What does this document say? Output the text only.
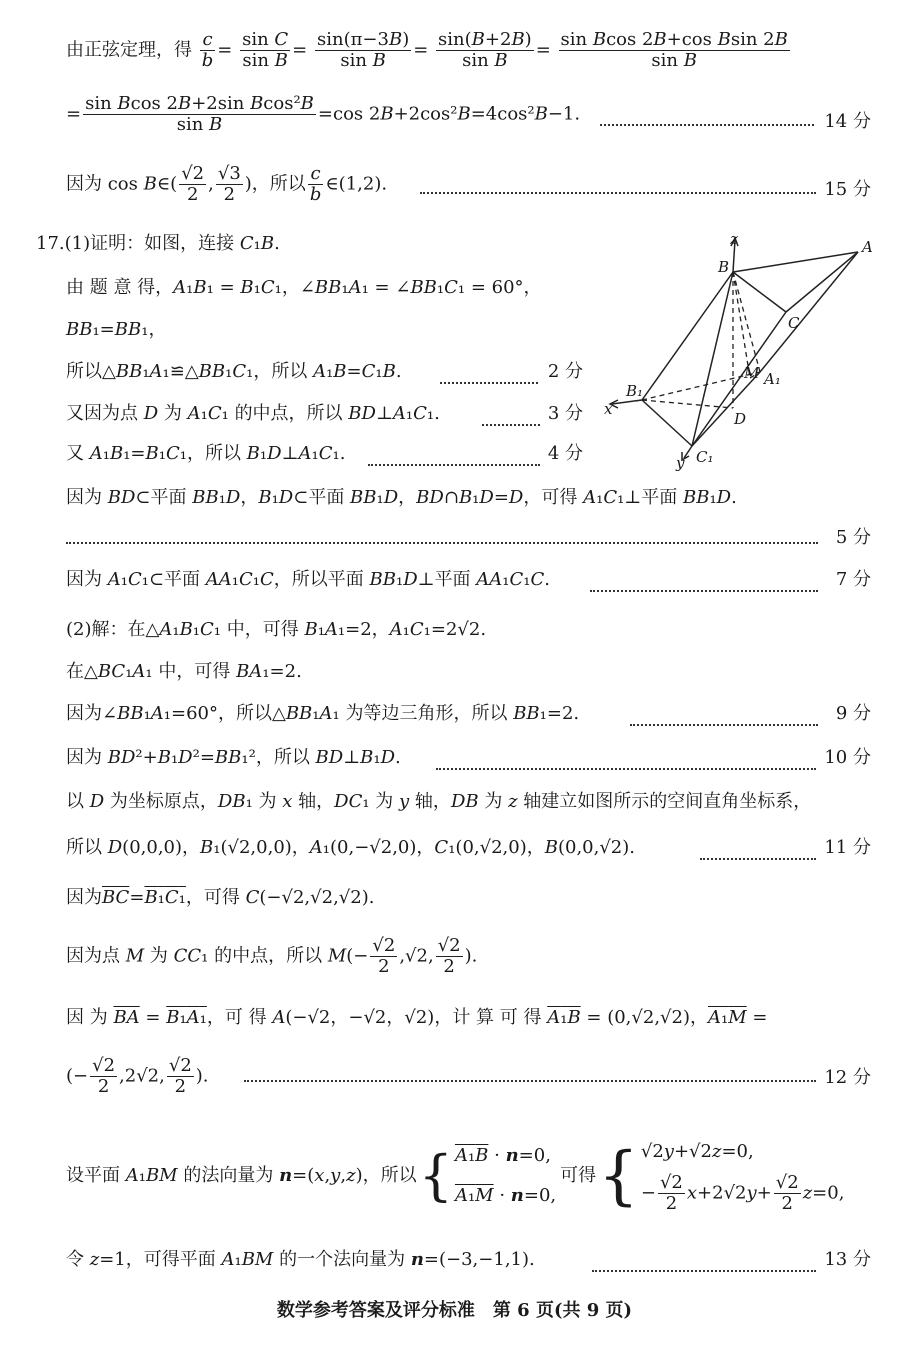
由正弦定理，得 $\frac{c}{b} = \frac{\text{sin C}}{\text{sin B}} = \frac{\sin(\pi-3B)}{\text{sin B}} = \frac{\sin(B+2B)}{\text{sin B}} = \frac{\text{sin Bcos 2B+cos Bsin 2B}}{\text{sin B}}$
= $\frac{\text{sin Bcos 2B+2sin Bcos²B}}{\text{sin B}} =\cos$ 2B+2cos²B=4cos²B−1.	14 分
因为 cos B∈( $\frac{√2}{2}$ , $\frac{√3}{2}$ )，所以 $\frac{c}{b}$ ∈(1,2).	15 分
17.(1)证明：如图，连接 C₁B.
由 题 意 得，A₁B₁ = B₁C₁，∠BB₁A₁ = ∠BB₁C₁ = 60°，
BB₁=BB₁，
所以△BB₁A₁≌△BB₁C₁，所以 A₁B=C₁B.	2 分
又因为点 D 为 A₁C₁ 的中点，所以 BD⊥A₁C₁.	3 分
又 A₁B₁=B₁C₁，所以 B₁D⊥A₁C₁.	4 分
z	A
B
C
M A₁
B₁
C₁
D
x
y
因为 BD⊂平面 BB₁D，B₁D⊂平面 BB₁D，BD∩B₁D=D，可得 A₁C₁⊥平面 BB₁D.
5 分
因为 A₁C₁⊂平面 AA₁C₁C，所以平面 BB₁D⊥平面 AA₁C₁C.	7 分
(2)解：在△A₁B₁C₁ 中，可得 B₁A₁=2，A₁C₁=2√2.
在△BC₁A₁ 中，可得 BA₁=2.
因为∠BB₁A₁=60°，所以△BB₁A₁ 为等边三角形，所以 BB₁=2.	9 分
因为 BD²+B₁D²=BB₁²，所以 BD⊥B₁D.	10 分
以 D 为坐标原点，DB₁ 为 x 轴，DC₁ 为 y 轴，DB 为 z 轴建立如图所示的空间直角坐标系，
所以 D(0,0,0)，B₁(√2,0,0)，A₁(0,−√2,0)，C₁(0,√2,0)，B(0,0,√2).	11 分
因为$\overline{BC}=B_1C_1$，可得 C(−√2,√2,√2).
因为点 M 为 CC₁ 的中点，所以 $M(- \frac{√2}{2} ,√2$, $\frac{√2}{2}$ ).
因 为 $\overline{BA} = B_1A_1$，可 得 A(−√2，−√2，√2)，计 算 可 得 A₁B = (0,√2,√2)，A₁M =
(− $\frac{√2}{2} ,2√2$, $\frac{√2}{2}$ ).	12 分
设平面 A₁BM 的法向量为 n=(x,y,z)，所以 { A₁B · n=0,
A₁M · n=0,
可得 { √2y+√2z=0,
− $\frac{√2}{2} x+2√2y+ \frac{√2}{2} z=0$,
令 z=1，可得平面 A₁BM 的一个法向量为 n=(−3,−1,1).	13 分
数学参考答案及评分标准　第 6 页(共 9 页)
